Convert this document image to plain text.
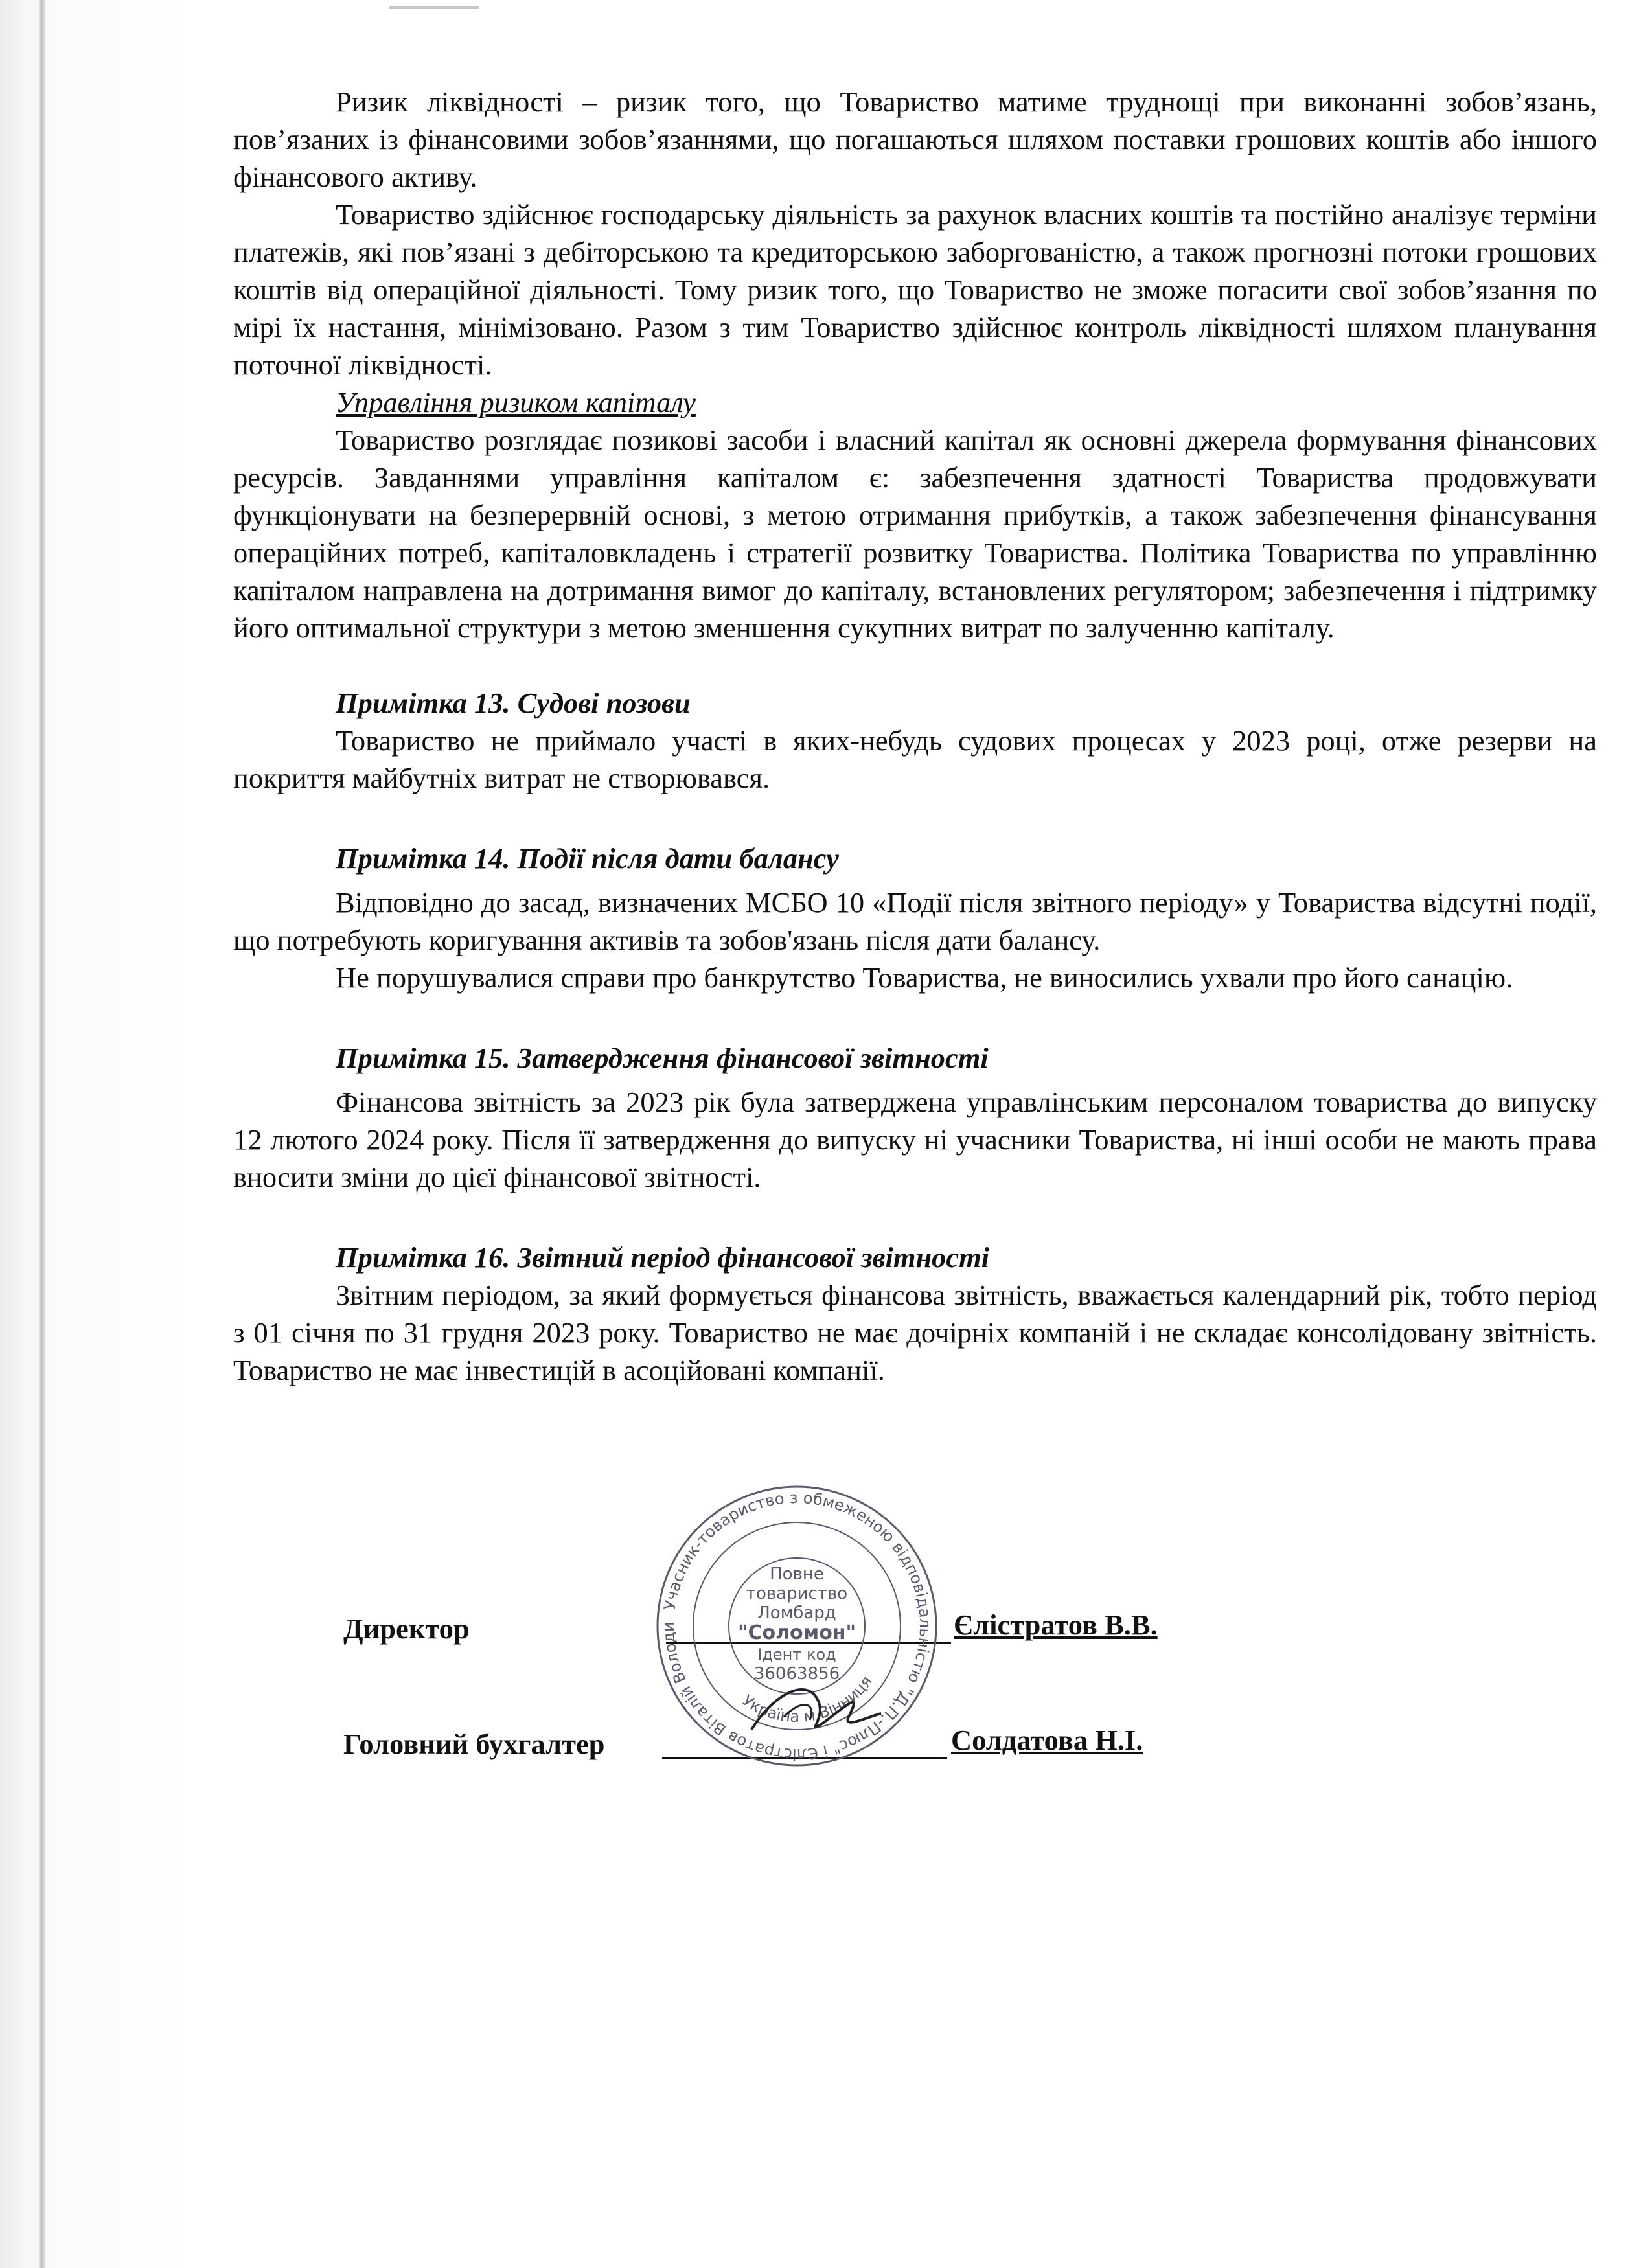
Ризик ліквідності – ризик того, що Товариство матиме труднощі при виконанні зобов’язань, пов’язаних із фінансовими зобов’язаннями, що погашаються шляхом поставки грошових коштів або іншого фінансового активу.

Товариство здійснює господарську діяльність за рахунок власних коштів та постійно аналізує терміни платежів, які пов’язані з дебіторською та кредиторською заборгованістю, а також прогнозні потоки грошових коштів від операційної діяльності. Тому ризик того, що Товариство не зможе погасити свої зобов’язання по мірі їх настання, мінімізовано. Разом з тим Товариство здійснює контроль ліквідності шляхом планування поточної ліквідності.

Управління ризиком капіталу

Товариство розглядає позикові засоби і власний капітал як основні джерела формування фінансових ресурсів. Завданнями управління капіталом є: забезпечення здатності Товариства продовжувати функціонувати на безперервній основі, з метою отримання прибутків, а також забезпечення фінансування операційних потреб, капіталовкладень і стратегії розвитку Товариства. Політика Товариства по управлінню капіталом направлена на дотримання вимог до капіталу, встановлених регулятором; забезпечення і підтримку його оптимальної структури з метою зменшення сукупних витрат по залученню капіталу.

Примітка 13. Судові позови

Товариство не приймало участі в яких-небудь судових процесах у 2023 році, отже резерви на покриття майбутніх витрат не створювався.

Примітка 14. Події після дати балансу

Відповідно до засад, визначених МСБО 10 «Події після звітного періоду» у Товариства відсутні події, що потребують коригування активів та зобов'язань після дати балансу.

Не порушувалися справи про банкрутство Товариства, не виносились ухвали про його санацію.

Примітка 15. Затвердження фінансової звітності

Фінансова звітність за 2023 рік була затверджена управлінським персоналом товариства до випуску 12 лютого 2024 року. Після її затвердження до випуску ні учасники Товариства, ні інші особи не мають права вносити зміни до цієї фінансової звітності.

Примітка 16. Звітний період фінансової звітності

Звітним періодом, за який формується фінансова звітність, вважається календарний рік, тобто період з 01 січня по 31 грудня 2023 року. Товариство не має дочірніх компаній і не складає консолідовану звітність. Товариство не має інвестицій в асоційовані компанії.

Директор	Єлістратов В.В.
Головний бухгалтер	Солдатова Н.І.
Учасник-товариство з обмеженою відповідальністю "Д.П.-Плюс" і Єлістратов Віталій Володи
Україна м.Вінниця
Повне
товариство
Ломбард
"Соломон"
Ідент код
36063856
